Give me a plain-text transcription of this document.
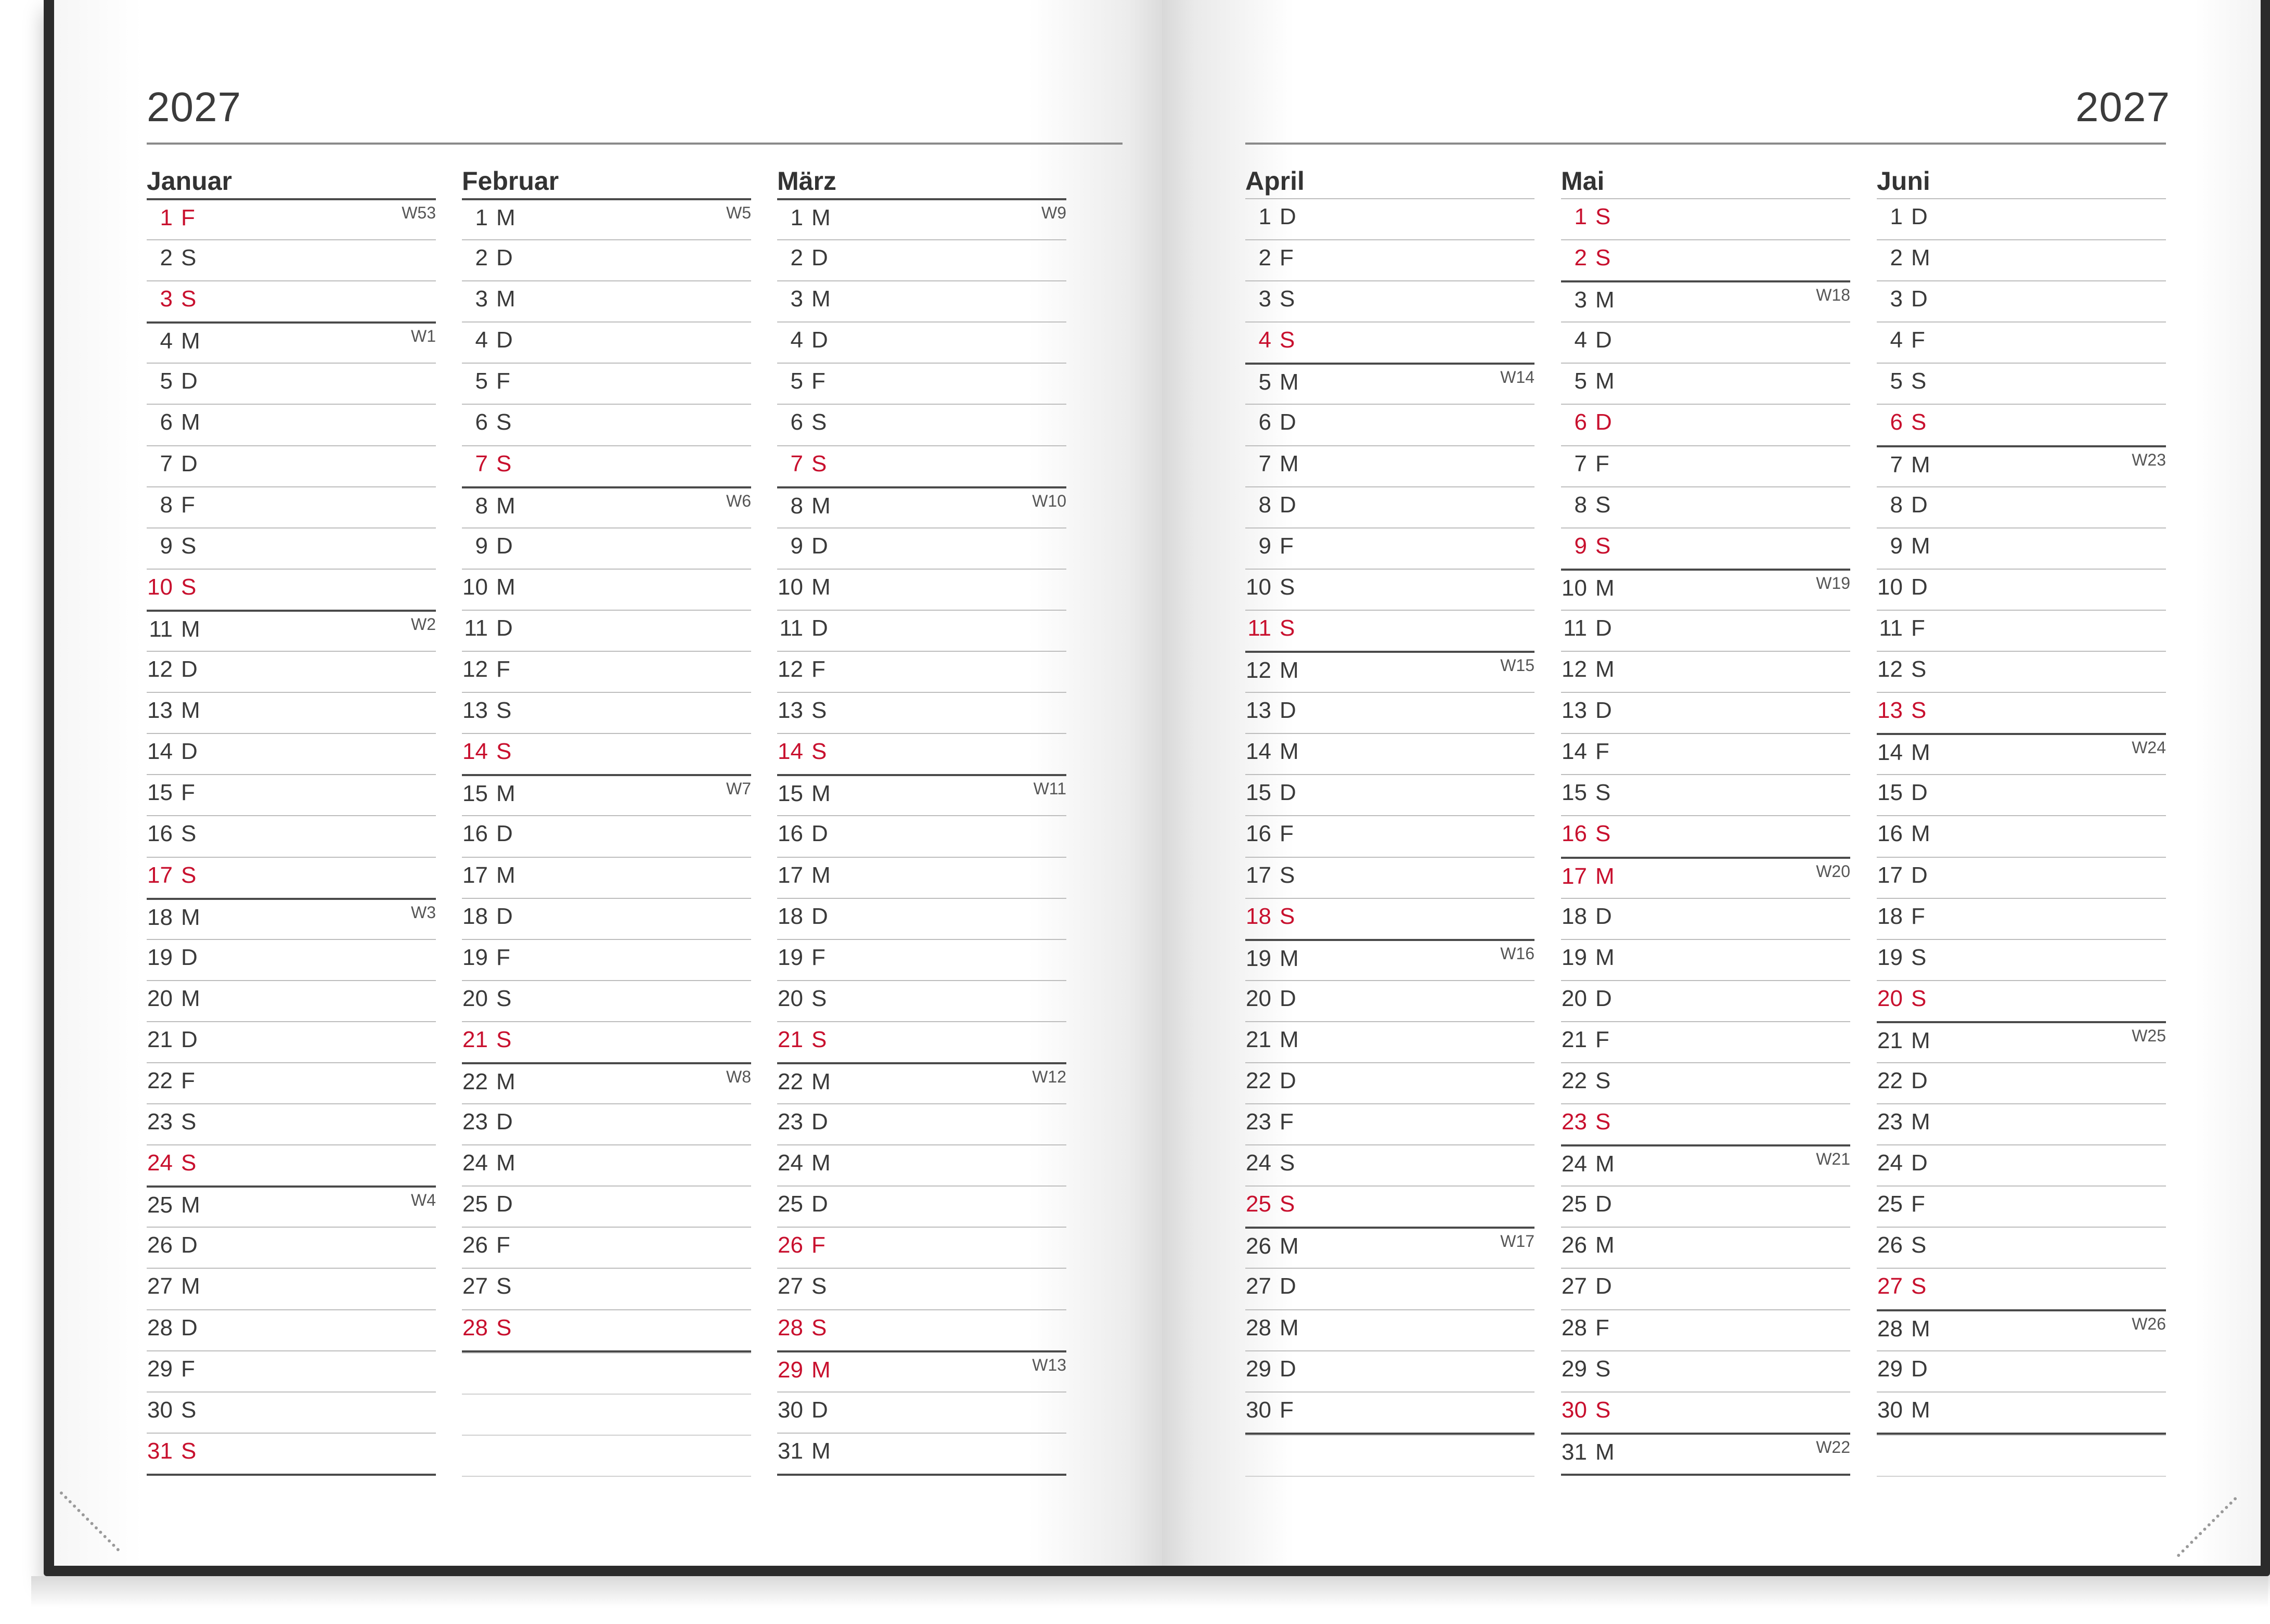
2027
Januar
1 F	W53
2 S
3 S
4 M	W1
5 D
6 M
7 D
8 F
9 S
10 S
11 M	W2
12 D
13 M
14 D
15 F
16 S
17 S
18 M	W3
19 D
20 M
21 D
22 F
23 S
24 S
25 M	W4
26 D
27 M
28 D
29 F
30 S
31 S
Februar
1 M	W5
2 D
3 M
4 D
5 F
6 S
7 S
8 M	W6
9 D
10 M
11 D
12 F
13 S
14 S
15 M	W7
16 D
17 M
18 D
19 F
20 S
21 S
22 M	W8
23 D
24 M
25 D
26 F
27 S
28 S
März
1 M	W9
2 D
3 M
4 D
5 F
6 S
7 S
8 M	W10
9 D
10 M
11 D
12 F
13 S
14 S
15 M	W11
16 D
17 M
18 D
19 F
20 S
21 S
22 M	W12
23 D
24 M
25 D
26 F
27 S
28 S
29 M	W13
30 D
31 M
2027
April
1 D
2 F
3 S
4 S
5 M	W14
6 D
7 M
8 D
9 F
10 S
11 S
12 M	W15
13 D
14 M
15 D
16 F
17 S
18 S
19 M	W16
20 D
21 M
22 D
23 F
24 S
25 S
26 M	W17
27 D
28 M
29 D
30 F
Mai
1 S
2 S
3 M	W18
4 D
5 M
6 D
7 F
8 S
9 S
10 M	W19
11 D
12 M
13 D
14 F
15 S
16 S
17 M	W20
18 D
19 M
20 D
21 F
22 S
23 S
24 M	W21
25 D
26 M
27 D
28 F
29 S
30 S
31 M	W22
Juni
1 D
2 M
3 D
4 F
5 S
6 S
7 M	W23
8 D
9 M
10 D
11 F
12 S
13 S
14 M	W24
15 D
16 M
17 D
18 F
19 S
20 S
21 M	W25
22 D
23 M
24 D
25 F
26 S
27 S
28 M	W26
29 D
30 M
